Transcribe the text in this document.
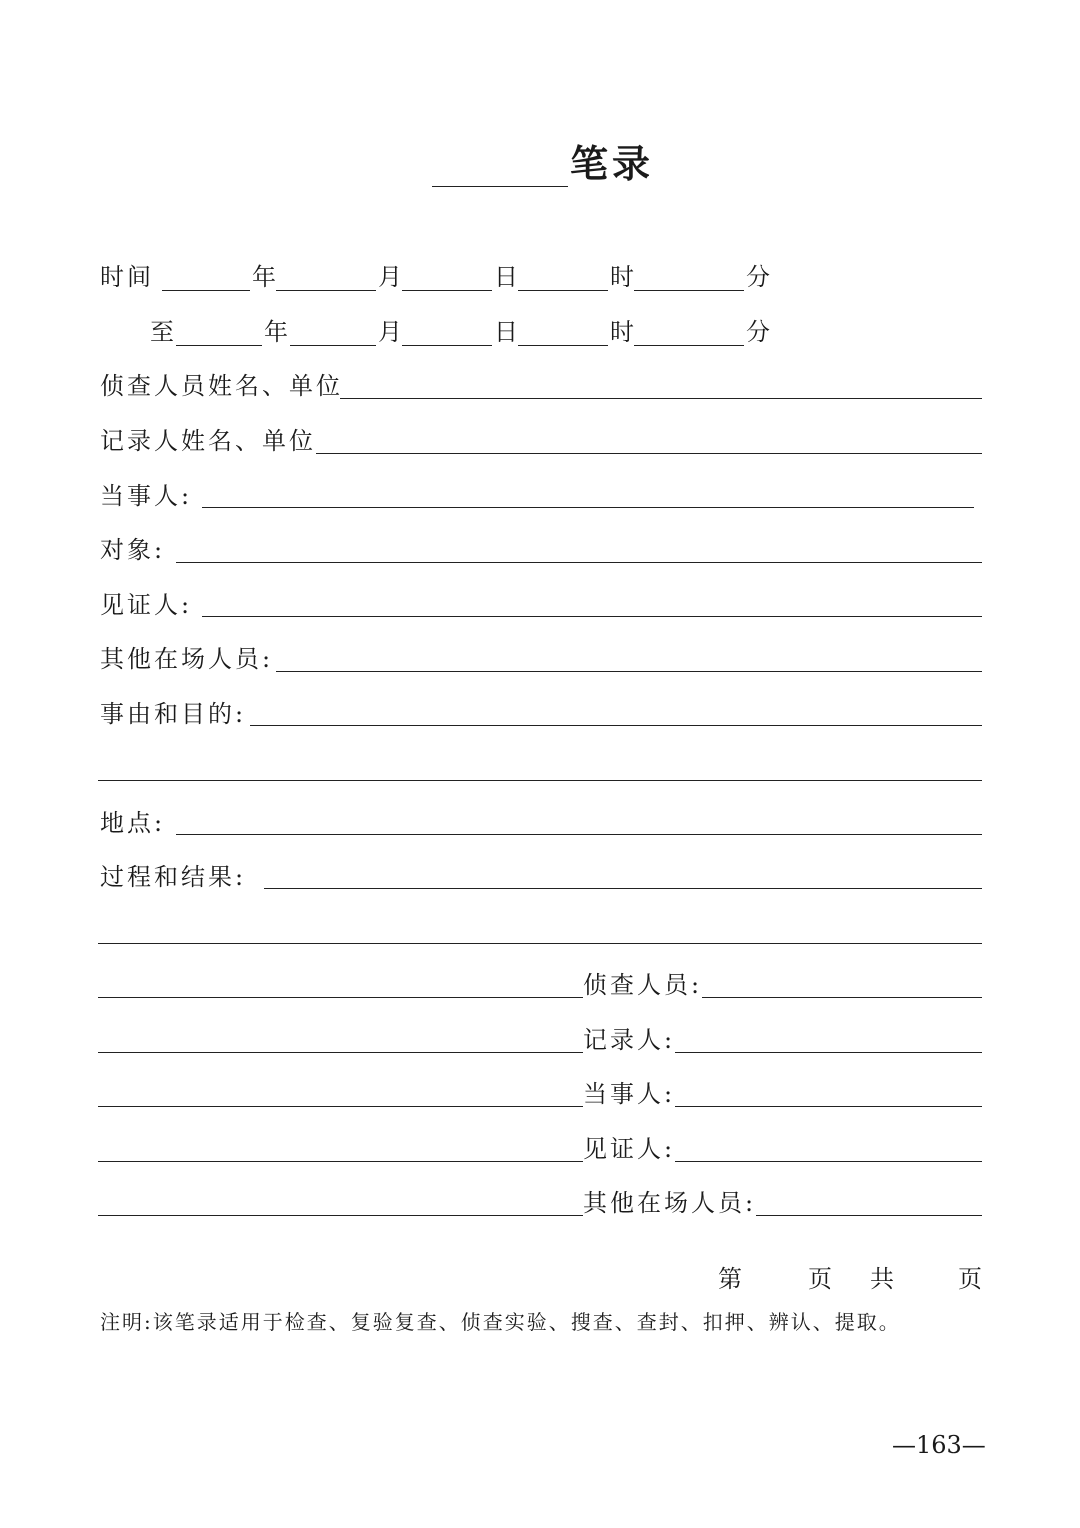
笔录
时间	年	月	日	时	分
至	年	月	日	时	分
侦查人员姓名、单位
记录人姓名、单位
当事人:
对象:
见证人:
其他在场人员:
事由和目的:
地点:
过程和结果:
侦查人员:
记录人:
当事人:
见证人:
其他在场人员:
第	页 共	页
注明:该笔录适用于检查、复验复查、侦查实验、搜查、查封、扣押、辨认、提取。
—163—
